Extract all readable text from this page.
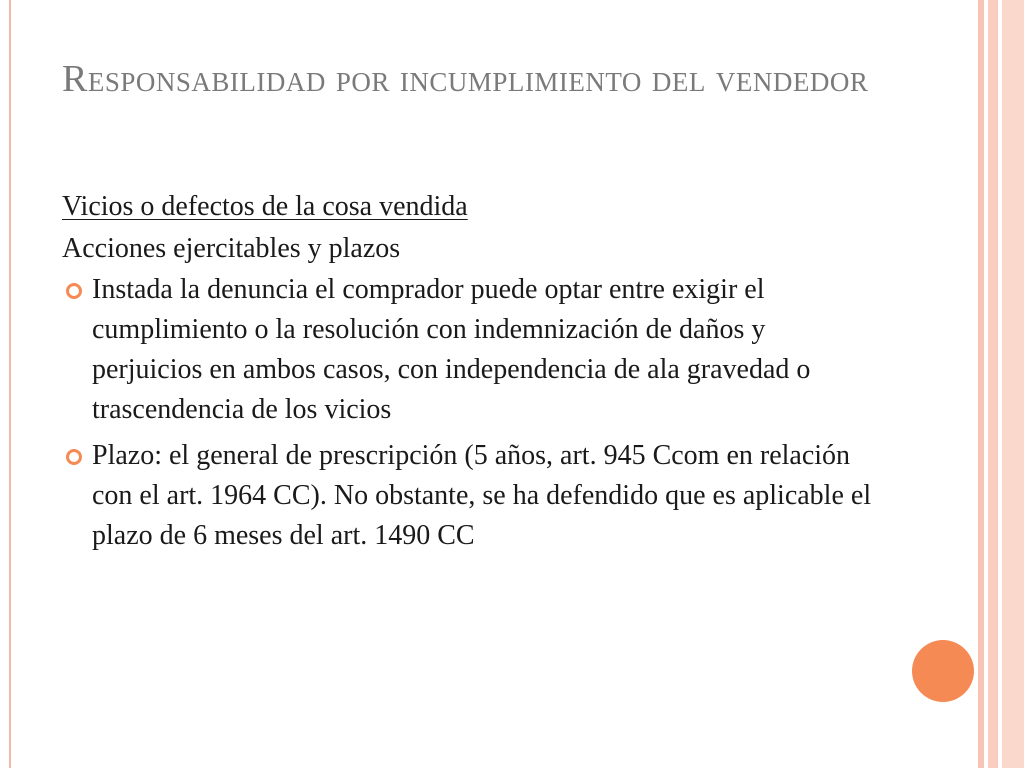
Responsabilidad por incumplimiento del vendedor
Vicios o defectos de la cosa vendida
Acciones ejercitables y plazos
Instada la denuncia el comprador puede optar entre exigir el cumplimiento o la resolución con indemnización de daños y perjuicios en ambos casos, con independencia de ala gravedad o trascendencia de los vicios
Plazo: el general de prescripción (5 años, art. 945 Ccom en relación con el art. 1964 CC). No obstante, se ha defendido que es aplicable el plazo de 6 meses del art. 1490 CC
